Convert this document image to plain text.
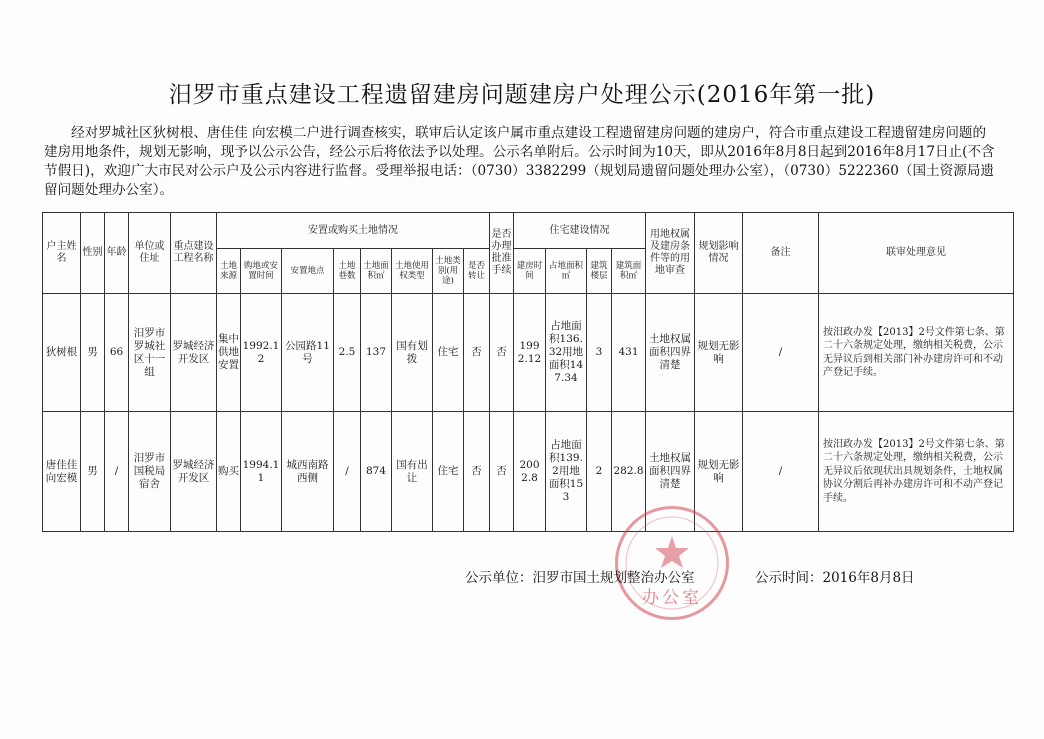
汨罗市重点建设工程遗留建房问题建房户处理公示(2016年第一批)
经对罗城社区狄树根、唐佳佳 向宏模二户进行调查核实，联审后认定该户属市重点建设工程遗留建房问题的建房户，符合市重点建设工程遗留建房问题的建房用地条件，规划无影响，现予以公示公告，经公示后将依法予以处理。公示名单附后。公示时间为10天，即从2016年8月8日起到2016年8月17日止(不含节假日)，欢迎广大市民对公示户及公示内容进行监督。受理举报电话：（0730）3382299（规划局遗留问题处理办公室），（0730）5222360（国土资源局遗留问题处理办公室）。
户主姓名	性别	年龄	单位或住址	重点建设工程名称	安置或购买土地情况								是否办理批准手续	住宅建设情况				用地权属及建房条件等的用地审查	规划影响情况	备注	联审处理意见
					土地来源	购地或安置时间	安置地点	土地巷数	土地面积㎡	土地使用权类型	土地类别(用途)	是否转让		建房时间	占地面积㎡	建筑楼层	建筑面积㎡				
狄树根	男	66	汨罗市罗城社区十一组	罗城经济开发区	集中供地安置	1992.12	公园路11号	2.5	137	国有划拨	住宅	否	否	1992.12	占地面积136.32用地面积147.34	3	431	土地权属面积四界清楚	规划无影响	/	按汨政办发【2013】2号文件第七条、第二十六条规定处理，缴纳相关税费，公示无异议后到相关部门补办建房许可和不动产登记手续。
唐佳佳向宏模	男	/	汨罗市国税局宿舍	罗城经济开发区	购买	1994.11	城西南路西侧	/	874	国有出让	住宅	否	否	2002.8	占地面积139.2用地面积153	2	282.8	土地权属面积四界清楚	规划无影响	/	按汨政办发【2013】2号文件第七条、第二十六条规定处理，缴纳相关税费，公示无异议后依现状出具规划条件，土地权属协议分割后再补办建房许可和不动产登记手续。
办公室
公示单位：汨罗市国土规划整治办公室	公示时间：2016年8月8日
